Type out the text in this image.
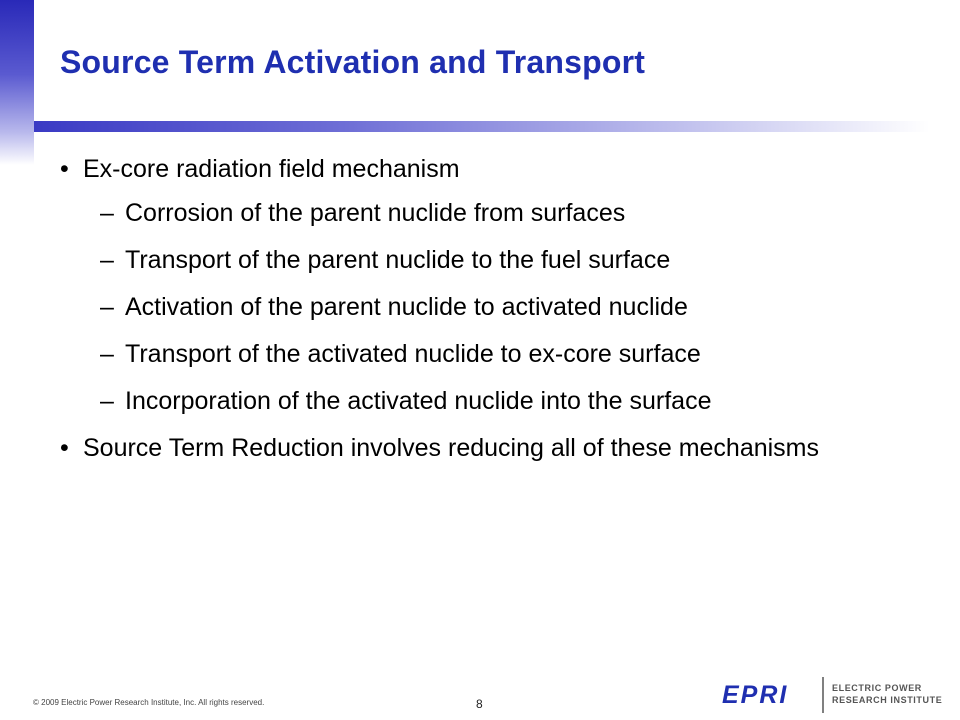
Source Term Activation and Transport
• Ex-core radiation field mechanism
– Corrosion of the parent nuclide from surfaces
– Transport of the parent nuclide to the fuel surface
– Activation of the parent nuclide to activated nuclide
– Transport of the activated nuclide to ex-core surface
– Incorporation of the activated nuclide into the surface
• Source Term Reduction involves reducing all of these mechanisms
© 2009 Electric Power Research Institute, Inc. All rights reserved.	8	EPRI	ELECTRIC POWER
RESEARCH INSTITUTE
